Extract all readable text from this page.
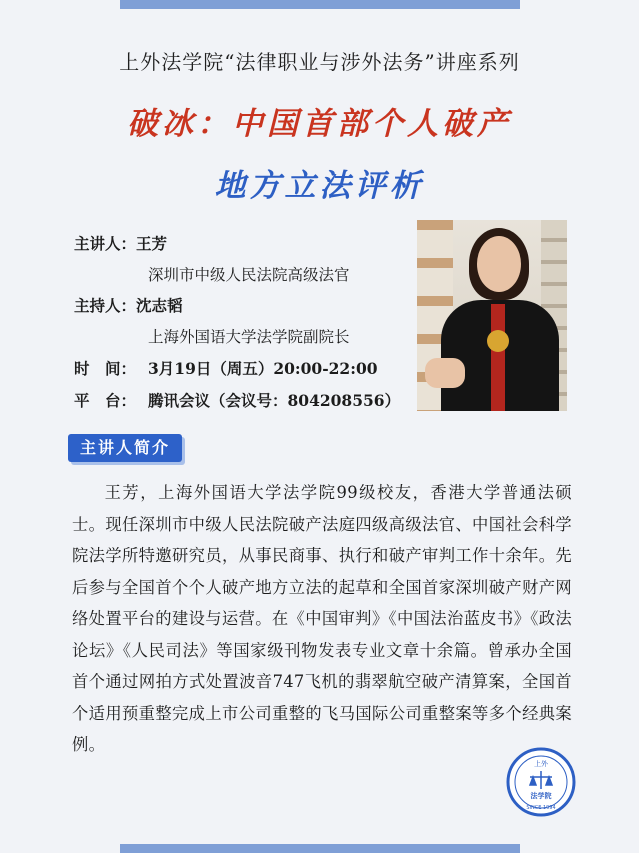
上外法学院“法律职业与涉外法务”讲座系列
破冰：中国首部个人破产
地方立法评析
主讲人：王芳
深圳市中级人民法院高级法官
主持人：沈志韬
上海外国语大学法学院副院长
时　间： 3月19日（周五）20:00-22:00
平　台： 腾讯会议（会议号：804208556）
主讲人简介
王芳，上海外国语大学法学院99级校友，香港大学普通法硕士。现任深圳市中级人民法院破产法庭四级高级法官、中国社会科学院法学所特邀研究员，从事民商事、执行和破产审判工作十余年。先后参与全国首个个人破产地方立法的起草和全国首家深圳破产财产网络处置平台的建设与运营。在《中国审判》《中国法治蓝皮书》《政法论坛》《人民司法》等国家级刊物发表专业文章十余篇。曾承办全国首个通过网拍方式处置波音747飞机的翡翠航空破产清算案，全国首个适用预重整完成上市公司重整的飞马国际公司重整案等多个经典案例。
上外
法学院
SINCE 1994
